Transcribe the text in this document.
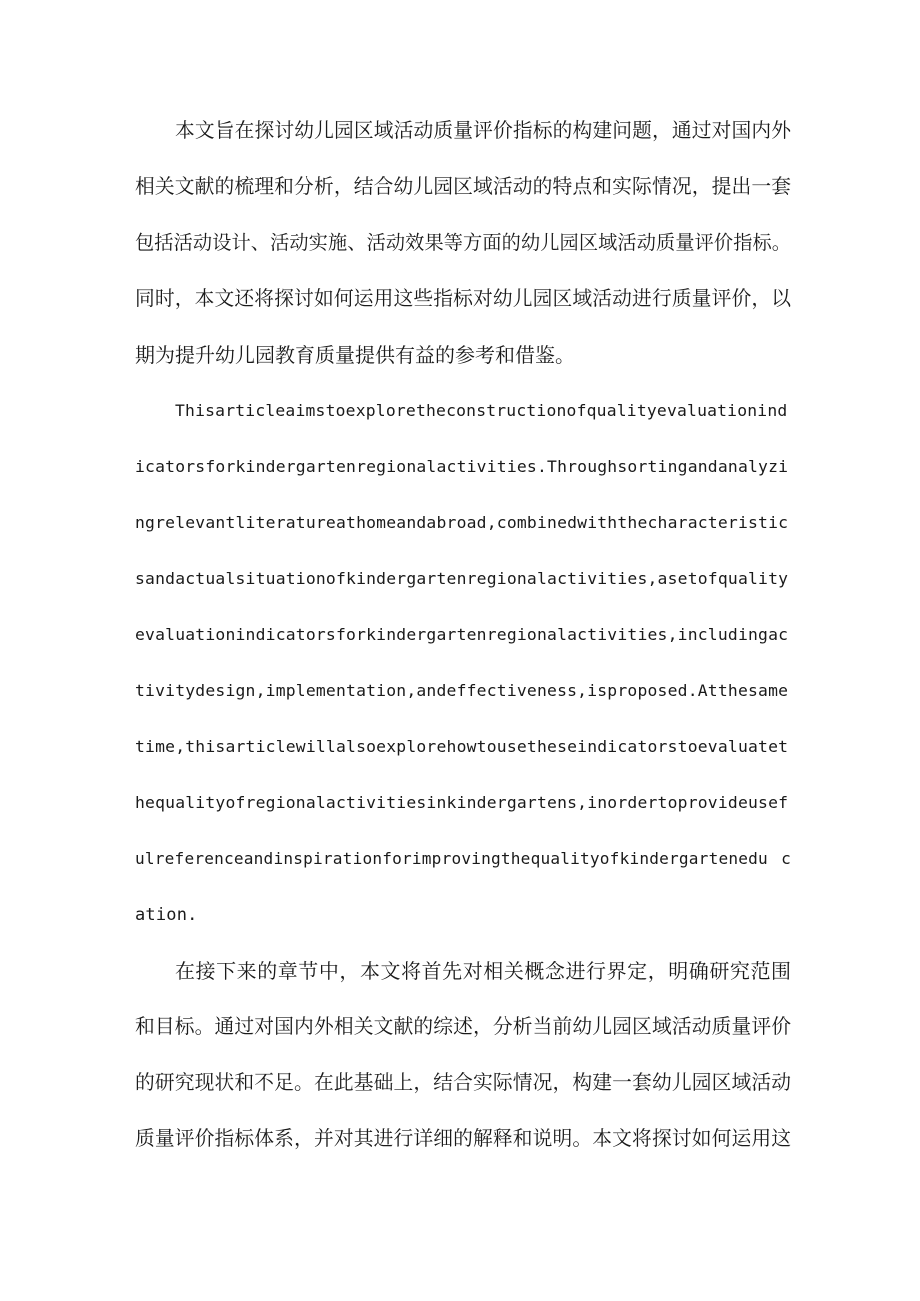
本文旨在探讨幼儿园区域活动质量评价指标的构建问题，通过对国内外
相关文献的梳理和分析，结合幼儿园区域活动的特点和实际情况，提出一套
包括活动设计、活动实施、活动效果等方面的幼儿园区域活动质量评价指标。
同时，本文还将探讨如何运用这些指标对幼儿园区域活动进行质量评价，以
期为提升幼儿园教育质量提供有益的参考和借鉴。
Thisarticleaimstoexploretheconstructionofqualityevaluationind
icatorsforkindergartenregionalactivities.Throughsortingandanalyzi
ngrelevantliteratureathomeandabroad,combinedwiththecharacteristic
sandactualsituationofkindergartenregionalactivities,asetofquality
evaluationindicatorsforkindergartenregionalactivities,includingac
tivitydesign,implementation,andeffectiveness,isproposed.Atthesame
time,thisarticlewillalsoexplorehowtousetheseindicatorstoevaluatet
hequalityofregionalactivitiesinkindergartens,inordertoprovideusef
ulreferenceandinspirationforimprovingthequalityofkindergartenedu c
ation.
在接下来的章节中，本文将首先对相关概念进行界定，明确研究范围
和目标。通过对国内外相关文献的综述，分析当前幼儿园区域活动质量评价
的研究现状和不足。在此基础上，结合实际情况，构建一套幼儿园区域活动
质量评价指标体系，并对其进行详细的解释和说明。本文将探讨如何运用这
